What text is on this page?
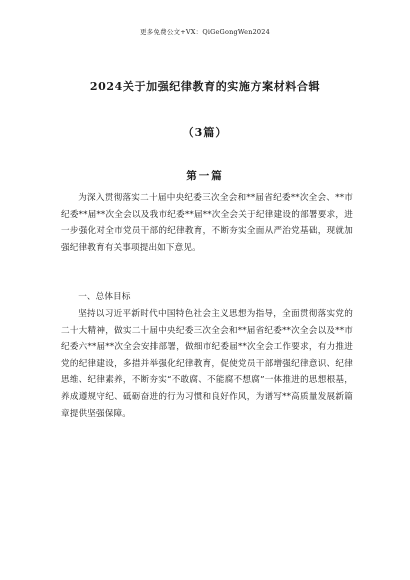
更多免费公文+VX：QiGeGongWen2024
2024关于加强纪律教育的实施方案材料合辑
（3篇）
第一篇

为深入贯彻落实二十届中央纪委三次全会和**届省纪委**次全会、**市纪委**届**次全会以及我市纪委**届**次全会关于纪律建设的部署要求，进一步强化对全市党员干部的纪律教育，不断夯实全面从严治党基础，现就加强纪律教育有关事项提出如下意见。

一、总体目标

坚持以习近平新时代中国特色社会主义思想为指导，全面贯彻落实党的二十大精神，做实二十届中央纪委三次全会和**届省纪委**次全会以及**市纪委六**届**次全会安排部署，做细市纪委届**次全会工作要求，有力推进党的纪律建设，多措并举强化纪律教育，促使党员干部增强纪律意识、纪律思维、纪律素养，不断夯实“不敢腐、不能腐不想腐”一体推进的思想根基，养成遵规守纪、砥砺奋进的行为习惯和良好作风，为谱写**高质量发展新篇章提供坚强保障。
